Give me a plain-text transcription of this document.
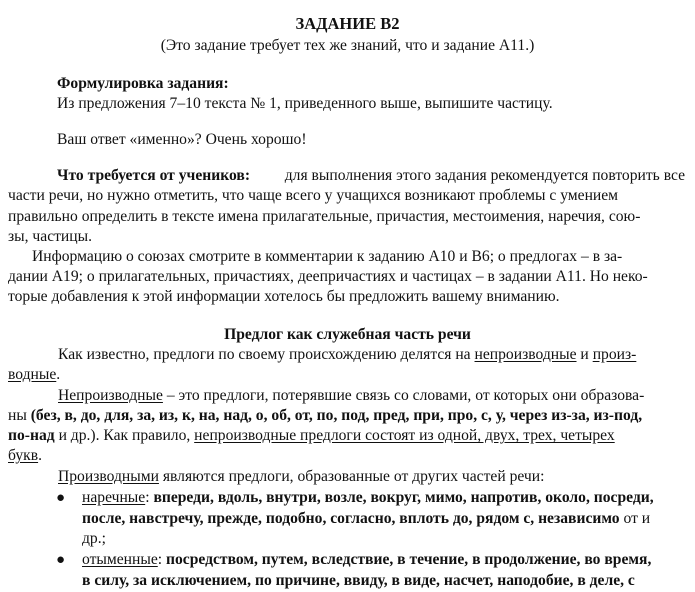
ЗАДАНИЕ B2
(Это задание требует тех же знаний, что и задание A11.)
Формулировка задания:
Из предложения 7–10 текста № 1, приведенного выше, выпишите частицу.
Ваш ответ «именно»? Очень хорошо!
Что требуется от учеников: для выполнения этого задания рекомендуется повторить все
части речи, но нужно отметить, что чаще всего у учащихся возникают проблемы с умением
правильно определить в тексте имена прилагательные, причастия, местоимения, наречия, сою-
зы, частицы.
Информацию о союзах смотрите в комментарии к заданию А10 и В6; о предлогах – в за-
дании А19; о прилагательных, причастиях, деепричастиях и частицах – в задании А11. Но неко-
торые добавления к этой информации хотелось бы предложить вашему вниманию.
Предлог как служебная часть речи
Как известно, предлоги по своему происхождению делятся на непроизводные и произ-
водные.
Непроизводные – это предлоги, потерявшие связь со словами, от которых они образова-
ны (без, в, до, для, за, из, к, на, над, о, об, от, по, под, пред, при, про, с, у, через из-за, из-под,
по-над и др.). Как правило, непроизводные предлоги состоят из одной, двух, трех, четырех
букв.
Производными являются предлоги, образованные от других частей речи:
● наречные: впереди, вдоль, внутри, возле, вокруг, мимо, напротив, около, посреди,
после, навстречу, прежде, подобно, согласно, вплоть до, рядом с, независимо от и
др.;
● отыменные: посредством, путем, вследствие, в течение, в продолжение, во время,
в силу, за исключением, по причине, ввиду, в виде, насчет, наподобие, в деле, с
